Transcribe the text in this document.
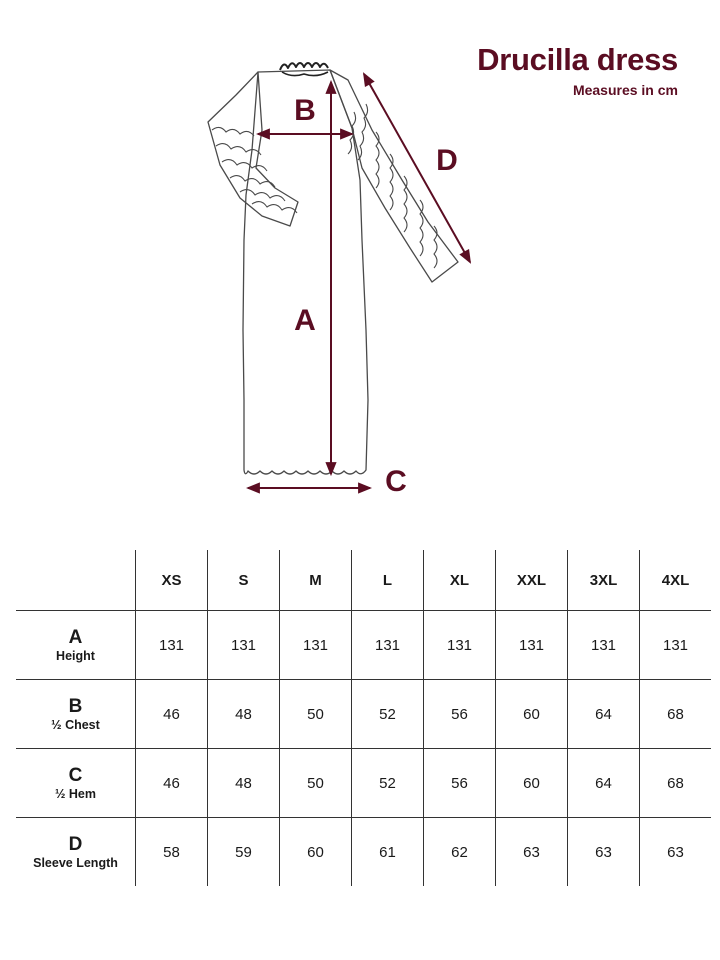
Drucilla dress
Measures in cm
A
B
C
D
	XS	S	M	L	XL	XXL	3XL	4XL

A
Height	131	131	131	131	131	131	131	131

B
½ Chest	46	48	50	52	56	60	64	68

C
½ Hem	46	48	50	52	56	60	64	68

D
Sleeve Length	58	59	60	61	62	63	63	63
